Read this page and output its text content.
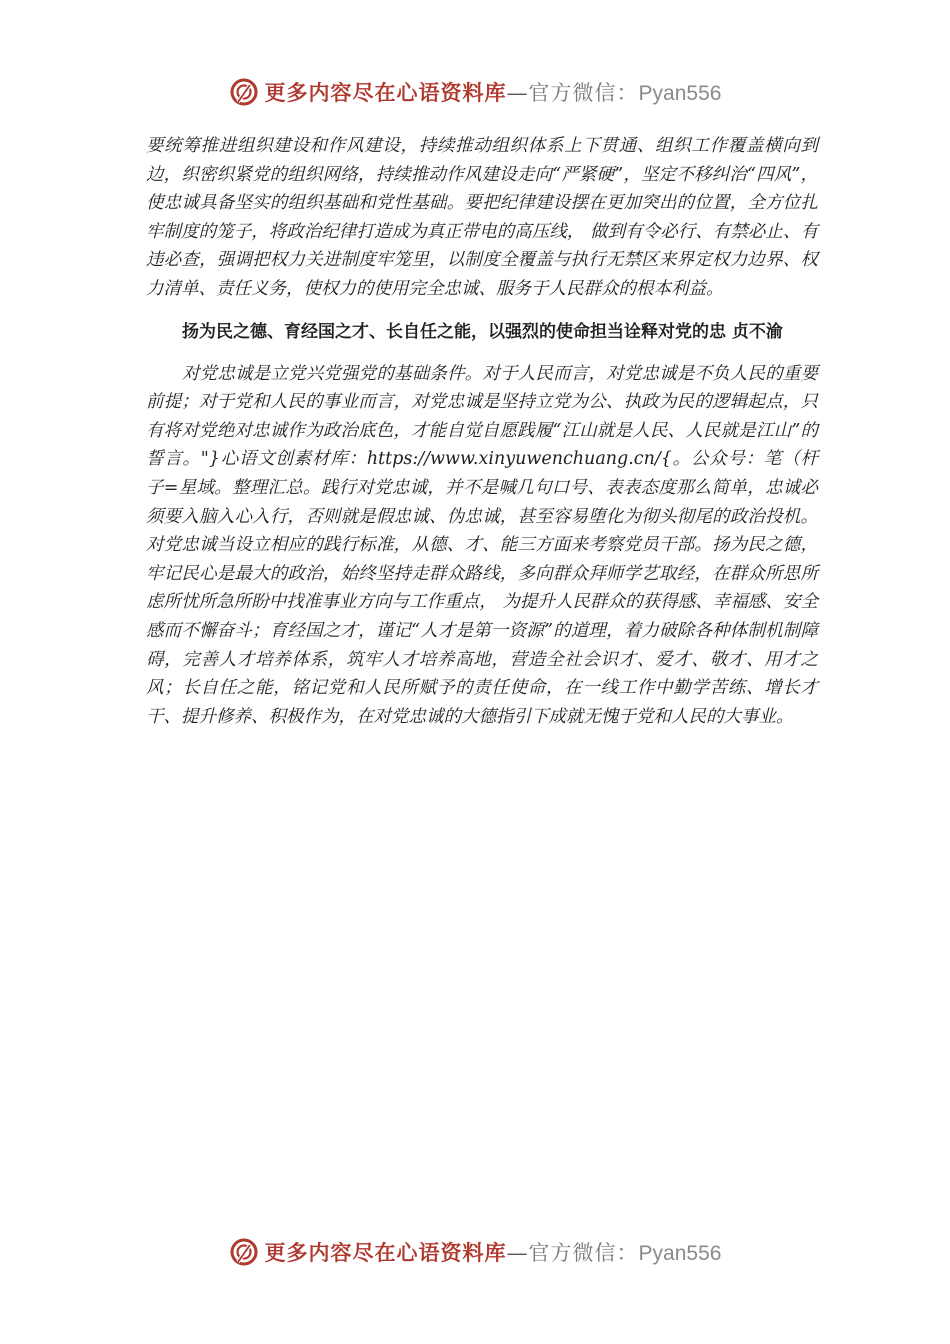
更多内容尽在心语资料库—官方微信：Pyan556

要统筹推进组织建设和作风建设，持续推动组织体系上下贯通、组织工作覆盖横向到边，织密织紧党的组织网络，持续推动作风建设走向“严紧硬”，坚定不移纠治“四风”，使忠诚具备坚实的组织基础和党性基础。要把纪律建设摆在更加突出的位置，全方位扎牢制度的笼子，将政治纪律打造成为真正带电的高压线， 做到有令必行、有禁必止、有违必查，强调把权力关进制度牢笼里，以制度全覆盖与执行无禁区来界定权力边界、权力清单、责任义务，使权力的使用完全忠诚、服务于人民群众的根本利益。

扬为民之德、育经国之才、长自任之能，以强烈的使命担当诠释对党的忠 贞不渝

对党忠诚是立党兴党强党的基础条件。对于人民而言，对党忠诚是不负人民的重要前提；对于党和人民的事业而言，对党忠诚是坚持立党为公、执政为民的逻辑起点，只有将对党绝对忠诚作为政治底色，才能自觉自愿践履“江山就是人民、人民就是江山”的誓言。"}心语文创素材库：https://www.xinyuwenchuang.cn/{。公众号：笔（杆子=星域。整理汇总。践行对党忠诚，并不是喊几句口号、表表态度那么简单，忠诚必须要入脑入心入行，否则就是假忠诚、伪忠诚，甚至容易堕化为彻头彻尾的政治投机。对党忠诚当设立相应的践行标准，从德、才、能三方面来考察党员干部。扬为民之德，牢记民心是最大的政治，始终坚持走群众路线，多向群众拜师学艺取经，在群众所思所虑所忧所急所盼中找准事业方向与工作重点， 为提升人民群众的获得感、幸福感、安全感而不懈奋斗；育经国之才，谨记“人才是第一资源”的道理，着力破除各种体制机制障碍，完善人才培养体系，筑牢人才培养高地，营造全社会识才、爱才、敬才、用才之风；长自任之能，铭记党和人民所赋予的责任使命，在一线工作中勤学苦练、增长才干、提升修养、积极作为，在对党忠诚的大德指引下成就无愧于党和人民的大事业。

更多内容尽在心语资料库—官方微信：Pyan556
